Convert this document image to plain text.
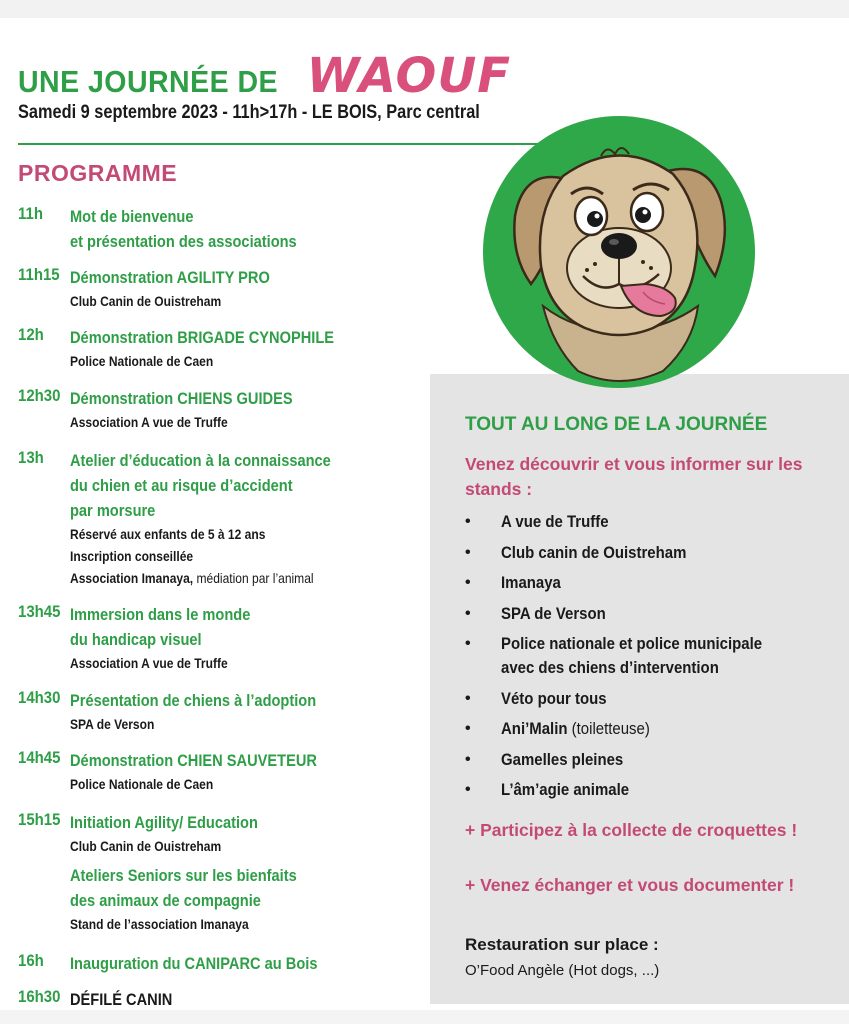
UNE JOURNÉE DE WAOUF
Samedi 9 septembre 2023 - 11h>17h - LE BOIS, Parc central
PROGRAMME
11h Mot de bienvenue
et présentation des associations
11h15 Démonstration AGILITY PRO
Club Canin de Ouistreham
12h Démonstration BRIGADE CYNOPHILE
Police Nationale de Caen
12h30 Démonstration CHIENS GUIDES
Association A vue de Truffe
13h Atelier d’éducation à la connaissance
du chien et au risque d’accident
par morsure
Réservé aux enfants de 5 à 12 ans
Inscription conseillée
Association Imanaya, médiation par l’animal
13h45 Immersion dans le monde
du handicap visuel
Association A vue de Truffe
14h30 Présentation de chiens à l’adoption
SPA de Verson
14h45 Démonstration CHIEN SAUVETEUR
Police Nationale de Caen
15h15 Initiation Agility/ Education
Club Canin de Ouistreham
Ateliers Seniors sur les bienfaits
des animaux de compagnie
Stand de l’association Imanaya
16h Inauguration du CANIPARC au Bois
16h30 DÉFILÉ CANIN
TOUT AU LONG DE LA JOURNÉE
Venez découvrir et vous informer sur les stands :
• A vue de Truffe
• Club canin de Ouistreham
• Imanaya
• SPA de Verson
• Police nationale et police municipale
avec des chiens d’intervention
• Véto pour tous
• Ani’Malin (toiletteuse)
• Gamelles pleines
• L’âm’agie animale
+ Participez à la collecte de croquettes !
+ Venez échanger et vous documenter !
Restauration sur place :
O’Food Angèle (Hot dogs, ...)
